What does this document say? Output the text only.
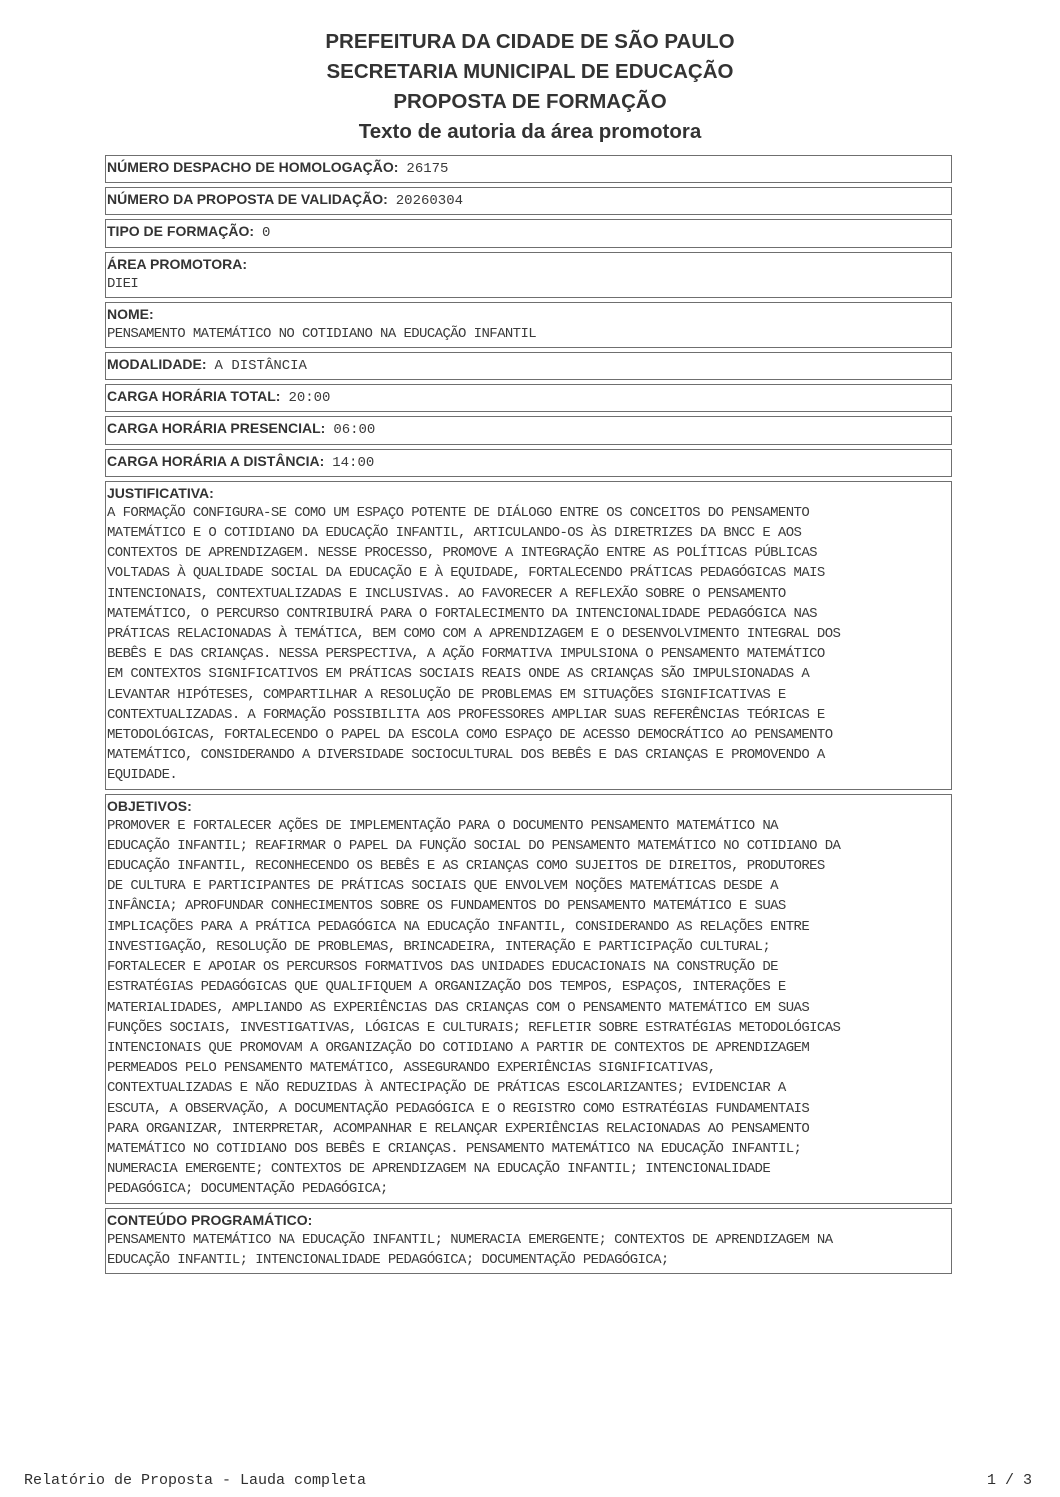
PREFEITURA DA CIDADE DE SÃO PAULO
SECRETARIA MUNICIPAL DE EDUCAÇÃO
PROPOSTA DE FORMAÇÃO
Texto de autoria da área promotora
NÚMERO DESPACHO DE HOMOLOGAÇÃO: 26175
NÚMERO DA PROPOSTA DE VALIDAÇÃO: 20260304
TIPO DE FORMAÇÃO: 0
ÁREA PROMOTORA:
DIEI
NOME:
PENSAMENTO MATEMÁTICO NO COTIDIANO NA EDUCAÇÃO INFANTIL
MODALIDADE: A DISTÂNCIA
CARGA HORÁRIA TOTAL: 20:00
CARGA HORÁRIA PRESENCIAL: 06:00
CARGA HORÁRIA A DISTÂNCIA: 14:00
JUSTIFICATIVA:
A FORMAÇÃO CONFIGURA-SE COMO UM ESPAÇO POTENTE DE DIÁLOGO ENTRE OS CONCEITOS DO PENSAMENTO
MATEMÁTICO E O COTIDIANO DA EDUCAÇÃO INFANTIL, ARTICULANDO-OS ÀS DIRETRIZES DA BNCC E AOS
CONTEXTOS DE APRENDIZAGEM. NESSE PROCESSO, PROMOVE A INTEGRAÇÃO ENTRE AS POLÍTICAS PÚBLICAS
VOLTADAS À QUALIDADE SOCIAL DA EDUCAÇÃO E À EQUIDADE, FORTALECENDO PRÁTICAS PEDAGÓGICAS MAIS
INTENCIONAIS, CONTEXTUALIZADAS E INCLUSIVAS. AO FAVORECER A REFLEXÃO SOBRE O PENSAMENTO
MATEMÁTICO, O PERCURSO CONTRIBUIRÁ PARA O FORTALECIMENTO DA INTENCIONALIDADE PEDAGÓGICA NAS
PRÁTICAS RELACIONADAS À TEMÁTICA, BEM COMO COM A APRENDIZAGEM E O DESENVOLVIMENTO INTEGRAL DOS
BEBÊS E DAS CRIANÇAS. NESSA PERSPECTIVA, A AÇÃO FORMATIVA IMPULSIONA O PENSAMENTO MATEMÁTICO
EM CONTEXTOS SIGNIFICATIVOS EM PRÁTICAS SOCIAIS REAIS ONDE AS CRIANÇAS SÃO IMPULSIONADAS A
LEVANTAR HIPÓTESES, COMPARTILHAR A RESOLUÇÃO DE PROBLEMAS EM SITUAÇÕES SIGNIFICATIVAS E
CONTEXTUALIZADAS. A FORMAÇÃO POSSIBILITA AOS PROFESSORES AMPLIAR SUAS REFERÊNCIAS TEÓRICAS E
METODOLÓGICAS, FORTALECENDO O PAPEL DA ESCOLA COMO ESPAÇO DE ACESSO DEMOCRÁTICO AO PENSAMENTO
MATEMÁTICO, CONSIDERANDO A DIVERSIDADE SOCIOCULTURAL DOS BEBÊS E DAS CRIANÇAS E PROMOVENDO A
EQUIDADE.
OBJETIVOS:
PROMOVER E FORTALECER AÇÕES DE IMPLEMENTAÇÃO PARA O DOCUMENTO PENSAMENTO MATEMÁTICO NA
EDUCAÇÃO INFANTIL; REAFIRMAR O PAPEL DA FUNÇÃO SOCIAL DO PENSAMENTO MATEMÁTICO NO COTIDIANO DA
EDUCAÇÃO INFANTIL, RECONHECENDO OS BEBÊS E AS CRIANÇAS COMO SUJEITOS DE DIREITOS, PRODUTORES
DE CULTURA E PARTICIPANTES DE PRÁTICAS SOCIAIS QUE ENVOLVEM NOÇÕES MATEMÁTICAS DESDE A
INFÂNCIA; APROFUNDAR CONHECIMENTOS SOBRE OS FUNDAMENTOS DO PENSAMENTO MATEMÁTICO E SUAS
IMPLICAÇÕES PARA A PRÁTICA PEDAGÓGICA NA EDUCAÇÃO INFANTIL, CONSIDERANDO AS RELAÇÕES ENTRE
INVESTIGAÇÃO, RESOLUÇÃO DE PROBLEMAS, BRINCADEIRA, INTERAÇÃO E PARTICIPAÇÃO CULTURAL;
FORTALECER E APOIAR OS PERCURSOS FORMATIVOS DAS UNIDADES EDUCACIONAIS NA CONSTRUÇÃO DE
ESTRATÉGIAS PEDAGÓGICAS QUE QUALIFIQUEM A ORGANIZAÇÃO DOS TEMPOS, ESPAÇOS, INTERAÇÕES E
MATERIALIDADES, AMPLIANDO AS EXPERIÊNCIAS DAS CRIANÇAS COM O PENSAMENTO MATEMÁTICO EM SUAS
FUNÇÕES SOCIAIS, INVESTIGATIVAS, LÓGICAS E CULTURAIS; REFLETIR SOBRE ESTRATÉGIAS METODOLÓGICAS
INTENCIONAIS QUE PROMOVAM A ORGANIZAÇÃO DO COTIDIANO A PARTIR DE CONTEXTOS DE APRENDIZAGEM
PERMEADOS PELO PENSAMENTO MATEMÁTICO, ASSEGURANDO EXPERIÊNCIAS SIGNIFICATIVAS,
CONTEXTUALIZADAS E NÃO REDUZIDAS À ANTECIPAÇÃO DE PRÁTICAS ESCOLARIZANTES; EVIDENCIAR A
ESCUTA, A OBSERVAÇÃO, A DOCUMENTAÇÃO PEDAGÓGICA E O REGISTRO COMO ESTRATÉGIAS FUNDAMENTAIS
PARA ORGANIZAR, INTERPRETAR, ACOMPANHAR E RELANÇAR EXPERIÊNCIAS RELACIONADAS AO PENSAMENTO
MATEMÁTICO NO COTIDIANO DOS BEBÊS E CRIANÇAS. PENSAMENTO MATEMÁTICO NA EDUCAÇÃO INFANTIL;
NUMERACIA EMERGENTE; CONTEXTOS DE APRENDIZAGEM NA EDUCAÇÃO INFANTIL; INTENCIONALIDADE
PEDAGÓGICA; DOCUMENTAÇÃO PEDAGÓGICA;
CONTEÚDO PROGRAMÁTICO:
PENSAMENTO MATEMÁTICO NA EDUCAÇÃO INFANTIL; NUMERACIA EMERGENTE; CONTEXTOS DE APRENDIZAGEM NA
EDUCAÇÃO INFANTIL; INTENCIONALIDADE PEDAGÓGICA; DOCUMENTAÇÃO PEDAGÓGICA;
Relatório de Proposta - Lauda completa	1 / 3
